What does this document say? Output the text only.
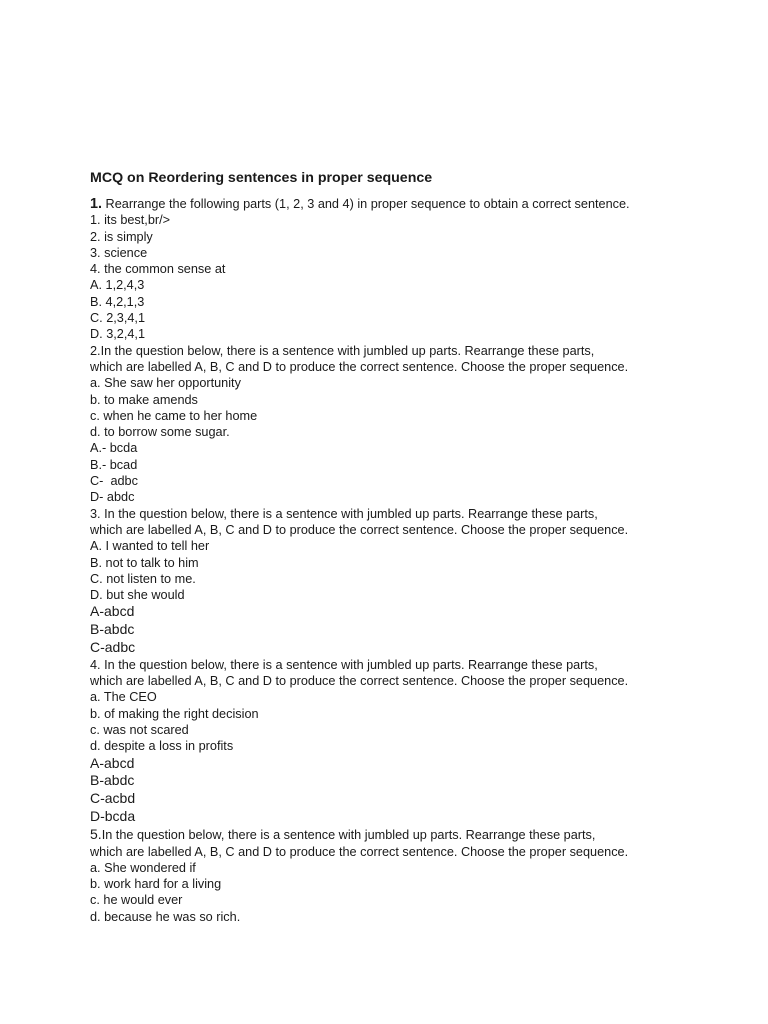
MCQ on Reordering sentences in proper sequence
1. Rearrange the following parts (1, 2, 3 and 4) in proper sequence to obtain a correct sentence.
1. its best,br/>
2. is simply
3. science
4. the common sense at
A. 1,2,4,3
B. 4,2,1,3
C. 2,3,4,1
D. 3,2,4,1
2.In the question below, there is a sentence with jumbled up parts. Rearrange these parts,
which are labelled A, B, C and D to produce the correct sentence. Choose the proper sequence.
a. She saw her opportunity
b. to make amends
c. when he came to her home
d. to borrow some sugar.
A.- bcda
B.- bcad
C-  adbc
D- abdc
3. In the question below, there is a sentence with jumbled up parts. Rearrange these parts,
which are labelled A, B, C and D to produce the correct sentence. Choose the proper sequence.
A. I wanted to tell her
B. not to talk to him
C. not listen to me.
D. but she would
A-abcd
B-abdc
C-adbc
4. In the question below, there is a sentence with jumbled up parts. Rearrange these parts,
which are labelled A, B, C and D to produce the correct sentence. Choose the proper sequence.
a. The CEO
b. of making the right decision
c. was not scared
d. despite a loss in profits
A-abcd
B-abdc
C-acbd
D-bcda
5.In the question below, there is a sentence with jumbled up parts. Rearrange these parts,
which are labelled A, B, C and D to produce the correct sentence. Choose the proper sequence.
a. She wondered if
b. work hard for a living
c. he would ever
d. because he was so rich.
